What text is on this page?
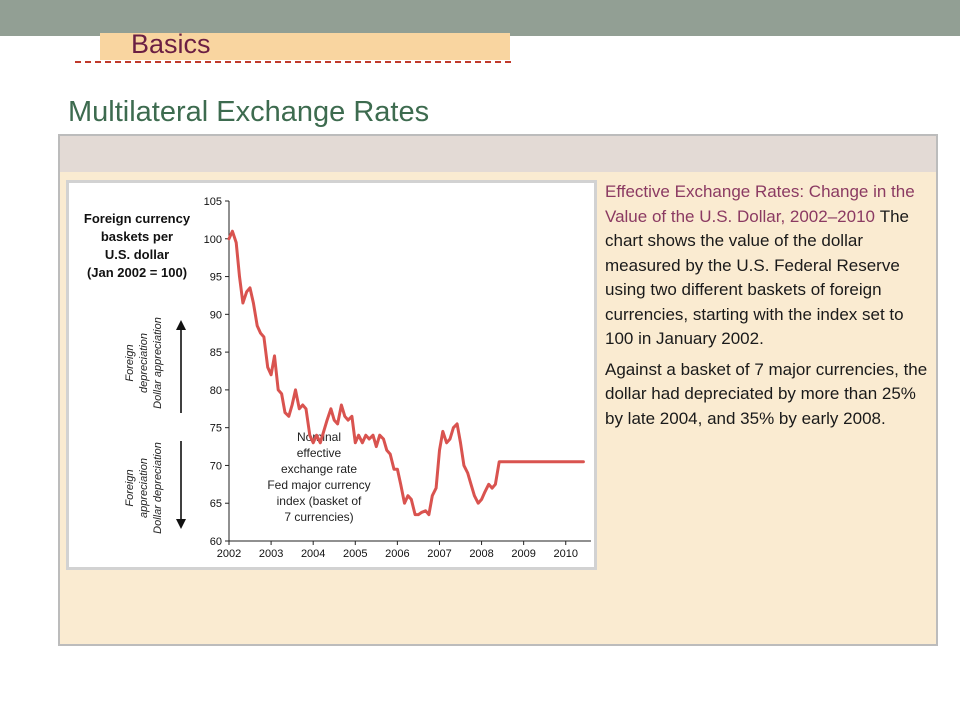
Basics
Multilateral Exchange Rates
Foreign currency
baskets per
U.S. dollar
(Jan 2002 = 100)
Foreign depreciation Dollar appreciation
Foreign appreciation Dollar depreciation
60
65
70
75
80
85
90
95
100
105
2002 2003 2004 2005 2006 2007 2008 2009 2010
Nominal
effective
exchange rate
Fed major currency
index (basket of
7 currencies)

Effective Exchange Rates: Change in the Value of the U.S. Dollar, 2002–2010 The chart shows the value of the dollar measured by the U.S. Federal Reserve using two different baskets of foreign currencies, starting with the index set to 100 in January 2002.

Against a basket of 7 major currencies, the dollar had depreciated by more than 25% by late 2004, and 35% by early 2008.
